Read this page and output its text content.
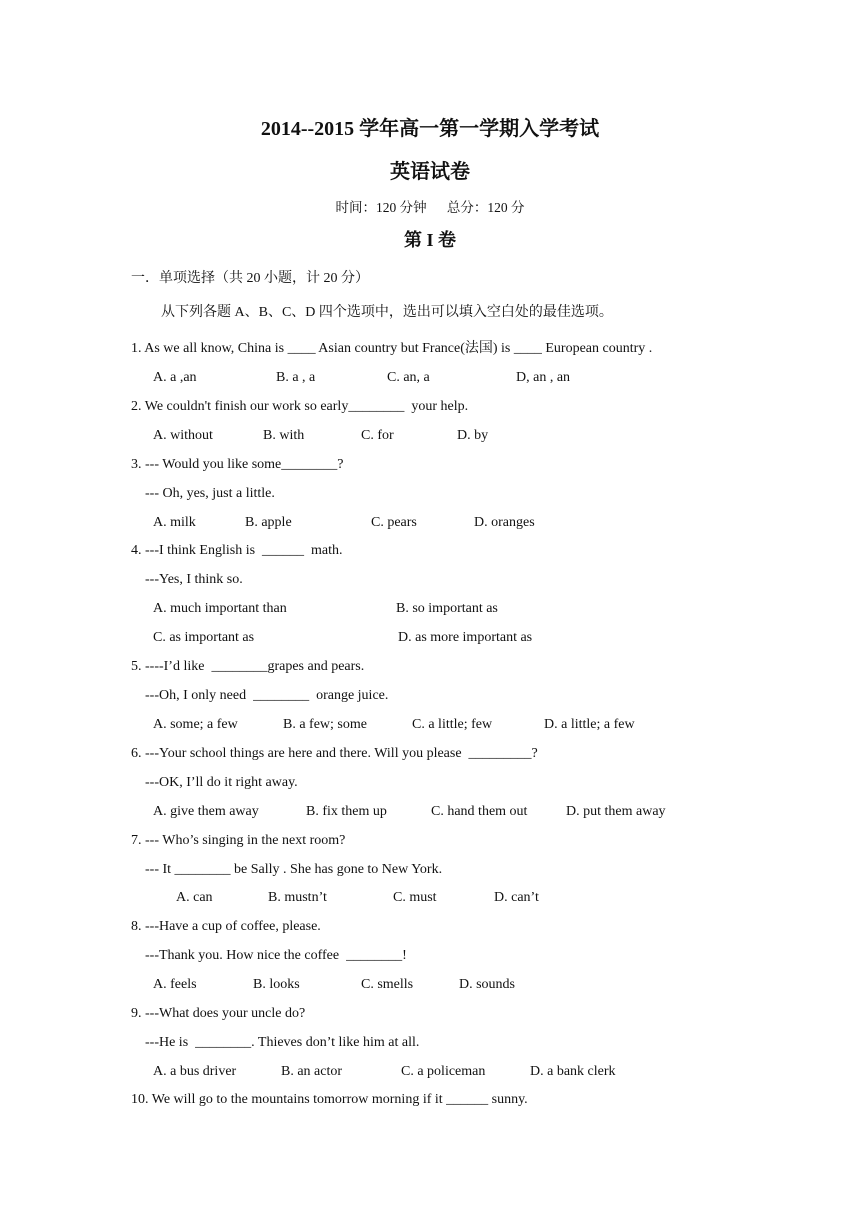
2014--2015 学年高一第一学期入学考试
英语试卷
时间：120 分钟      总分：120 分
第 I 卷
一．单项选择（共 20 小题，计 20 分）
从下列各题 A、B、C、D 四个选项中，选出可以填入空白处的最佳选项。
1. As we all know, China is ____ Asian country but France(法国) is ____ European country .
A. a ,an	B. a , a	C. an, a	D, an , an
2. We couldn't finish our work so early________  your help.
A. without	B. with	C. for	D. by
3. --- Would you like some________?
--- Oh, yes, just a little.
A. milk	B. apple	C. pears	D. oranges
4. ---I think English is  ______  math.
---Yes, I think so.
A. much important than	B. so important as
C. as important as	D. as more important as
5. ----I’d like  ________grapes and pears.
---Oh, I only need  ________  orange juice.
A. some; a few	B. a few; some	C. a little; few	D. a little; a few
6. ---Your school things are here and there. Will you please  _________?
---OK, I’ll do it right away.
A. give them away	B. fix them up	C. hand them out	D. put them away
7. --- Who’s singing in the next room?
--- It ________ be Sally . She has gone to New York.
A. can	B. mustn’t	C. must	D. can’t
8. ---Have a cup of coffee, please.
---Thank you. How nice the coffee  ________!
A. feels	B. looks	C. smells	D. sounds
9. ---What does your uncle do?
---He is  ________. Thieves don’t like him at all.
A. a bus driver	B. an actor	C. a policeman	D. a bank clerk
10. We will go to the mountains tomorrow morning if it ______ sunny.
